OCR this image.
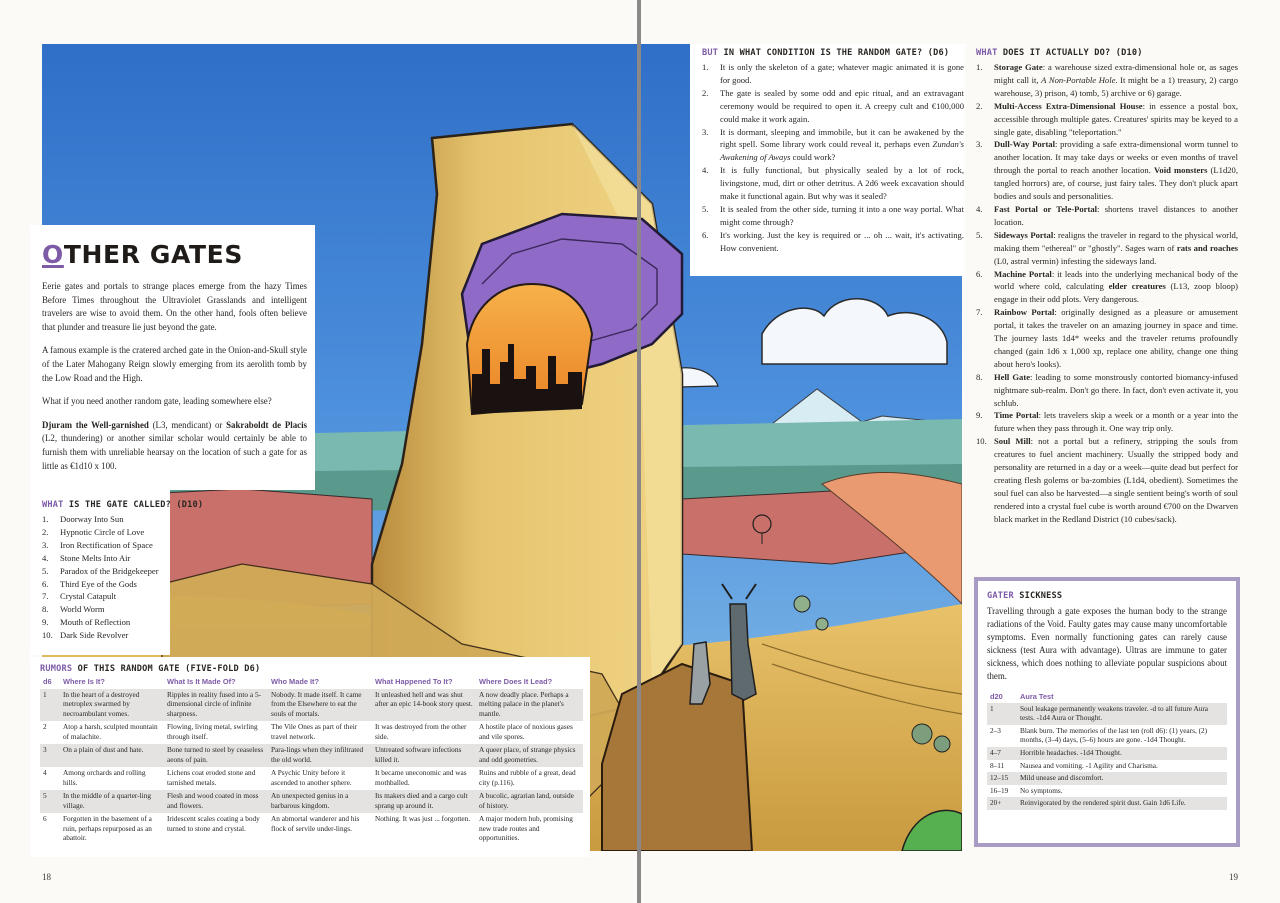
OTHER GATES

Eerie gates and portals to strange places emerge from the hazy Times Before Times throughout the Ultraviolet Grasslands and intelligent travelers are wise to avoid them. On the other hand, fools often believe that plunder and treasure lie just beyond the gate.

A famous example is the cratered arched gate in the Onion-and-Skull style of the Later Mahogany Reign slowly emerging from its aerolith tomb by the Low Road and the High.

What if you need another random gate, leading somewhere else?

Djuram the Well-garnished (L3, mendicant) or Sakraboldt de Placis (L2, thundering) or another similar scholar would certainly be able to furnish them with unreliable hearsay on the location of such a gate for as little as €1d10 x 100.

WHAT IS THE GATE CALLED? (D10)
1. Doorway Into Sun
2. Hypnotic Circle of Love
3. Iron Rectification of Space
4. Stone Melts Into Air
5. Paradox of the Bridgekeeper
6. Third Eye of the Gods
7. Crystal Catapult
8. World Worm
9. Mouth of Reflection
10. Dark Side Revolver
RUMORS OF THIS RANDOM GATE (FIVE-FOLD D6)
d6	Where Is It?	What Is It Made Of?	Who Made It?	What Happened To It?	Where Does It Lead?
1	In the heart of a destroyed metroplex swarmed by necroambulant vomes.	Ripples in reality fused into a 5-dimensional circle of infinite sharpness.	Nobody. It made itself. It came from the Elsewhere to eat the souls of mortals.	It unleashed hell and was shut after an epic 14-book story quest.	A now deadly place. Perhaps a melting palace in the planet's mantle.
2	Atop a harsh, sculpted mountain of malachite.	Flowing, living metal, swirling through itself.	The Vile Ones as part of their travel network.	It was destroyed from the other side.	A hostile place of noxious gases and vile spores.
3	On a plain of dust and hate.	Bone turned to steel by ceaseless aeons of pain.	Para-lings when they infiltrated the old world.	Untreated software infections killed it.	A queer place, of strange physics and odd geometries.
4	Among orchards and rolling hills.	Lichens coat eroded stone and tarnished metals.	A Psychic Unity before it ascended to another sphere.	It became uneconomic and was mothballed.	Ruins and rubble of a great, dead city (p.116).
5	In the middle of a quarter-ling village.	Flesh and wood coated in moss and flowers.	An unexpected genius in a barbarous kingdom.	Its makers died and a cargo cult sprang up around it.	A bucolic, agrarian land, outside of history.
6	Forgotten in the basement of a ruin, perhaps repurposed as an abattoir.	Iridescent scales coating a body turned to stone and crystal.	An abmortal wanderer and his flock of servile under-lings.	Nothing. It was just ... forgotten.	A major modern hub, promising new trade routes and opportunities.
BUT IN WHAT CONDITION IS THE RANDOM GATE? (D6)
1. It is only the skeleton of a gate; whatever magic animated it is gone for good.
2. The gate is sealed by some odd and epic ritual, and an extravagant ceremony would be required to open it. A creepy cult and €100,000 could make it work again.
3. It is dormant, sleeping and immobile, but it can be awakened by the right spell. Some library work could reveal it, perhaps even Zundan's Awakening of Aways could work?
4. It is fully functional, but physically sealed by a lot of rock, livingstone, mud, dirt or other detritus. A 2d6 week excavation should make it functional again. But why was it sealed?
5. It is sealed from the other side, turning it into a one way portal. What might come through?
6. It's working. Just the key is required or ... oh ... wait, it's activating. How convenient.
WHAT DOES IT ACTUALLY DO? (D10)
1. Storage Gate: a warehouse sized extra-dimensional hole or, as sages might call it, A Non-Portable Hole. It might be a 1) treasury, 2) cargo warehouse, 3) prison, 4) tomb, 5) archive or 6) garage.
2. Multi-Access Extra-Dimensional House: in essence a postal box, accessible through multiple gates. Creatures' spirits may be keyed to a single gate, disabling "teleportation."
3. Dull-Way Portal: providing a safe extra-dimensional worm tunnel to another location. It may take days or weeks or even months of travel through the portal to reach another location. Void monsters (L1d20, tangled horrors) are, of course, just fairy tales. They don't pluck apart bodies and souls and personalities.
4. Fast Portal or Tele-Portal: shortens travel distances to another location.
5. Sideways Portal: realigns the traveler in regard to the physical world, making them "ethereal" or "ghostly". Sages warn of rats and roaches (L0, astral vermin) infesting the sideways land.
6. Machine Portal: it leads into the underlying mechanical body of the world where cold, calculating elder creatures (L13, zoop bloop) engage in their odd plots. Very dangerous.
7. Rainbow Portal: originally designed as a pleasure or amusement portal, it takes the traveler on an amazing journey in space and time. The journey lasts 1d4* weeks and the traveler returns profoundly changed (gain 1d6 x 1,000 xp, replace one ability, change one thing about hero's looks).
8. Hell Gate: leading to some monstrously contorted biomancy-infused nightmare sub-realm. Don't go there. In fact, don't even activate it, you schlub.
9. Time Portal: lets travelers skip a week or a month or a year into the future when they pass through it. One way trip only.
10. Soul Mill: not a portal but a refinery, stripping the souls from creatures to fuel ancient machinery. Usually the stripped body and personality are returned in a day or a week—quite dead but perfect for creating flesh golems or ba-zombies (L1d4, obedient). Sometimes the soul fuel can also be harvested—a single sentient being's worth of soul rendered into a crystal fuel cube is worth around €700 on the Dwarven black market in the Redland District (10 cubes/sack).
GATER SICKNESS

Travelling through a gate exposes the human body to the strange radiations of the Void. Faulty gates may cause many uncomfortable symptoms. Even normally functioning gates can rarely cause sickness (test Aura with advantage). Ultras are immune to gater sickness, which does nothing to alleviate popular suspicions about them.

d20	Aura Test
1	Soul leakage permanently weakens traveler. -d to all future Aura tests. -1d4 Aura or Thought.
2–3	Blank burn. The memories of the last ten (roll d6): (1) years, (2) months, (3–4) days, (5–6) hours are gone. -1d4 Thought.
4–7	Horrible headaches. -1d4 Thought.
8–11	Nausea and vomiting. -1 Agility and Charisma.
12–15	Mild unease and discomfort.
16–19	No symptoms.
20+	Reinvigorated by the rendered spirit dust. Gain 1d6 Life.
18	19
